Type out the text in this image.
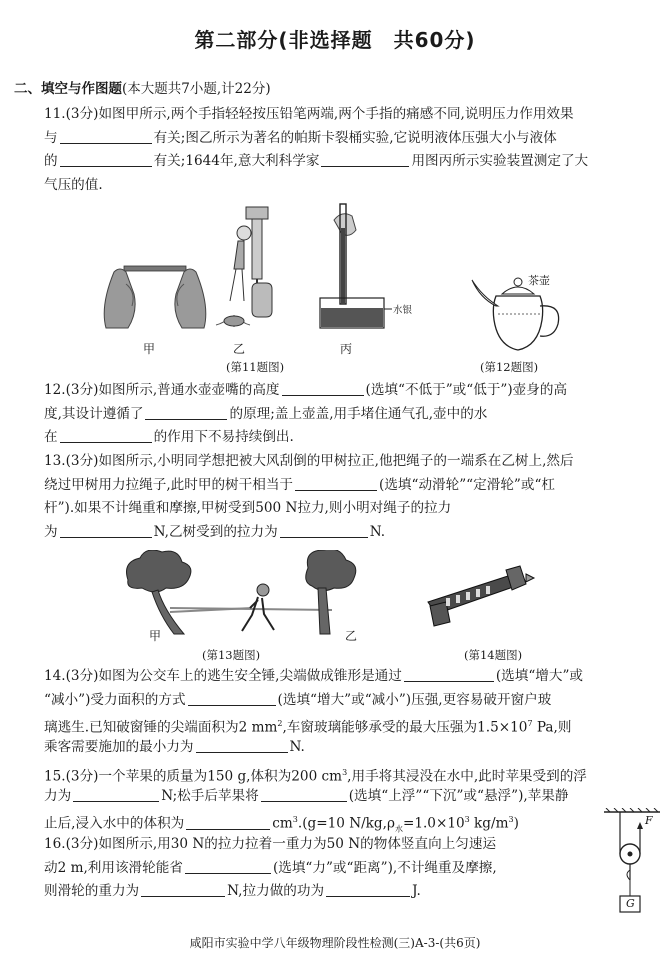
第二部分(非选择题　共60分)
二、填空与作图题(本大题共7小题,计22分)
11.(3分)如图甲所示,两个手指轻轻按压铅笔两端,两个手指的痛感不同,说明压力作用效果
与	有关;图乙所示为著名的帕斯卡裂桶实验,它说明液体压强大小与液体
的	有关;1644年,意大利科学家	用图丙所示实验装置测定了大
气压的值.
水银
甲	乙	丙
(第11题图)
茶壶
(第12题图)
12.(3分)如图所示,普通水壶壶嘴的高度	(选填“不低于”或“低于”)壶身的高
度,其设计遵循了	的原理;盖上壶盖,用手堵住通气孔,壶中的水
在	的作用下不易持续倒出.
13.(3分)如图所示,小明同学想把被大风刮倒的甲树拉正,他把绳子的一端系在乙树上,然后
绕过甲树用力拉绳子,此时甲的树干相当于	(选填“动滑轮”“定滑轮”或“杠
杆”).如果不计绳重和摩擦,甲树受到500 N拉力,则小明对绳子的拉力
为	N,乙树受到的拉力为	N.
甲	乙
(第13题图)	(第14题图)
14.(3分)如图为公交车上的逃生安全锤,尖端做成锥形是通过	(选填“增大”或
“减小”)受力面积的方式	(选填“增大”或“减小”)压强,更容易破开窗户玻
璃逃生.已知破窗锤的尖端面积为2 $mm^2$,车窗玻璃能够承受的最大压强为$1.5\times 10^7$ Pa,则
乘客需要施加的最小力为	N.
15.(3分)一个苹果的质量为150 g,体积为200 $cm^3$,用手将其浸没在水中,此时苹果受到的浮
力为	N;松手后苹果将	(选填“上浮”“下沉”或“悬浮”),苹果静
止后,浸入水中的体积为	$cm^3.(g=10$ $N/kg,\rho_水=1.0\times 10^3$ $kg/m^3$)
16.(3分)如图所示,用30 N的拉力拉着一重力为50 N的物体竖直向上匀速运
动2 m,利用该滑轮能省	(选填“力”或“距离”),不计绳重及摩擦,
则滑轮的重力为	N,拉力做的功为	J.
F
G
咸阳市实验中学八年级物理阶段性检测(三)A-3-(共6页)
